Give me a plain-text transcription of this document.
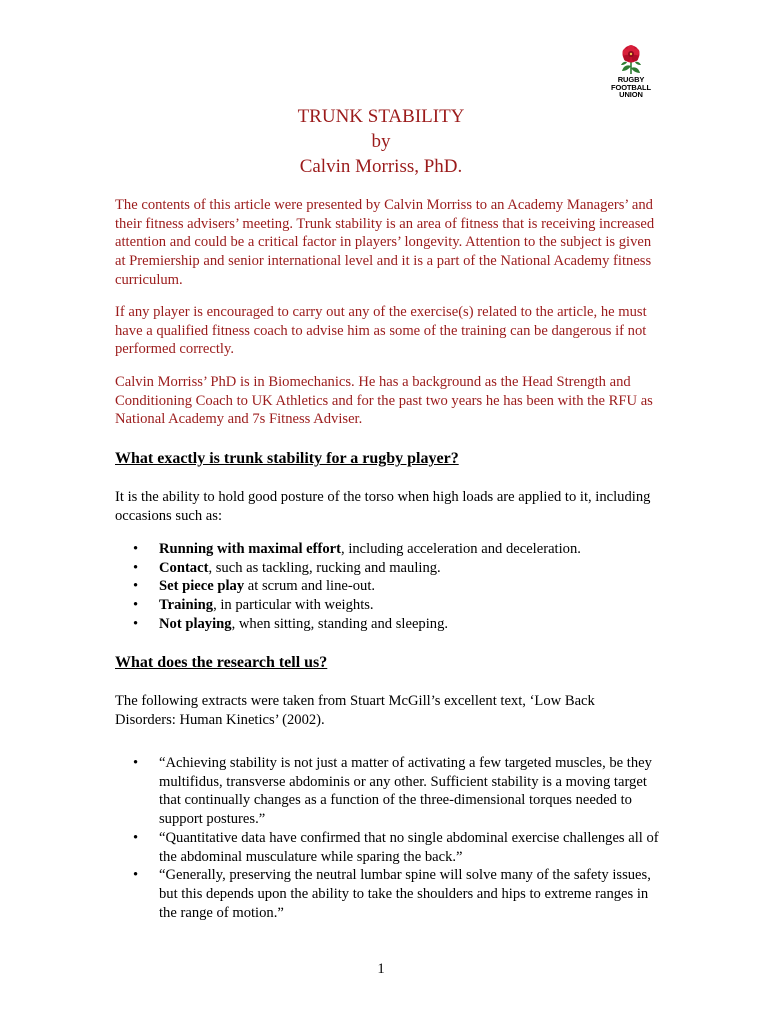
RUGBY
FOOTBALL
UNION
TRUNK STABILITY
by
Calvin Morriss, PhD.

The contents of this article were presented by Calvin Morriss to an Academy Managers’ and their fitness advisers’ meeting. Trunk stability is an area of fitness that is receiving increased attention and could be a critical factor in players’ longevity. Attention to the subject is given at Premiership and senior international level and it is a part of the National Academy fitness curriculum.

If any player is encouraged to carry out any of the exercise(s) related to the article, he must have a qualified fitness coach to advise him as some of the training can be dangerous if not performed correctly.

Calvin Morriss’ PhD is in Biomechanics. He has a background as the Head Strength and Conditioning Coach to UK Athletics and for the past two years he has been with the RFU as National Academy and 7s Fitness Adviser.

What exactly is trunk stability for a rugby player?

It is the ability to hold good posture of the torso when high loads are applied to it, including occasions such as:

• Running with maximal effort, including acceleration and deceleration.
• Contact, such as tackling, rucking and mauling.
• Set piece play at scrum and line-out.
• Training, in particular with weights.
• Not playing, when sitting, standing and sleeping.
What does the research tell us?

The following extracts were taken from Stuart McGill’s excellent text, ‘Low Back Disorders: Human Kinetics’ (2002).

• “Achieving stability is not just a matter of activating a few targeted muscles, be they multifidus, transverse abdominis or any other. Sufficient stability is a moving target that continually changes as a function of the three-dimensional torques needed to support postures.”
• “Quantitative data have confirmed that no single abdominal exercise challenges all of the abdominal musculature while sparing the back.”
• “Generally, preserving the neutral lumbar spine will solve many of the safety issues, but this depends upon the ability to take the shoulders and hips to extreme ranges in the range of motion.”
1
